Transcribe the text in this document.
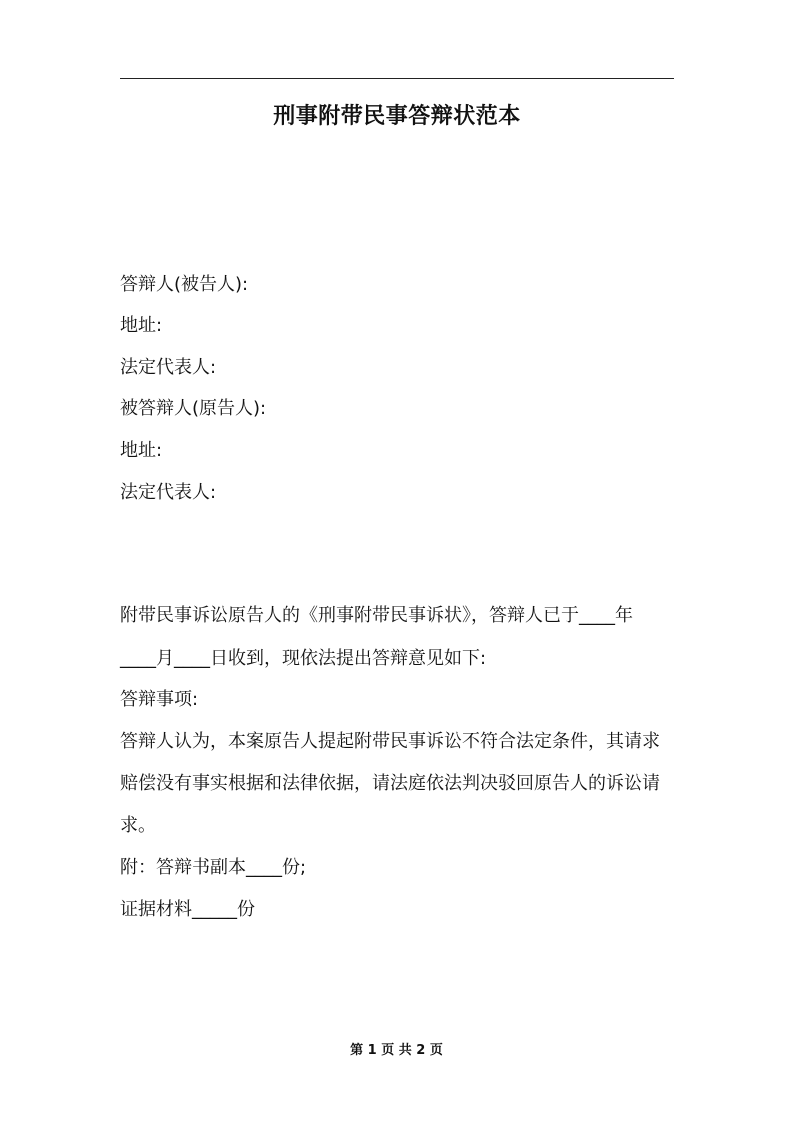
刑事附带民事答辩状范本
答辩人(被告人):
地址:
法定代表人:
被答辩人(原告人):
地址:
法定代表人:
附带民事诉讼原告人的《刑事附带民事诉状》，答辩人已于____年
____月____日收到，现依法提出答辩意见如下:
答辩事项:
答辩人认为，本案原告人提起附带民事诉讼不符合法定条件，其请求
赔偿没有事实根据和法律依据，请法庭依法判决驳回原告人的诉讼请
求。
附：答辩书副本____份;
证据材料_____份
第 1 页 共 2 页
